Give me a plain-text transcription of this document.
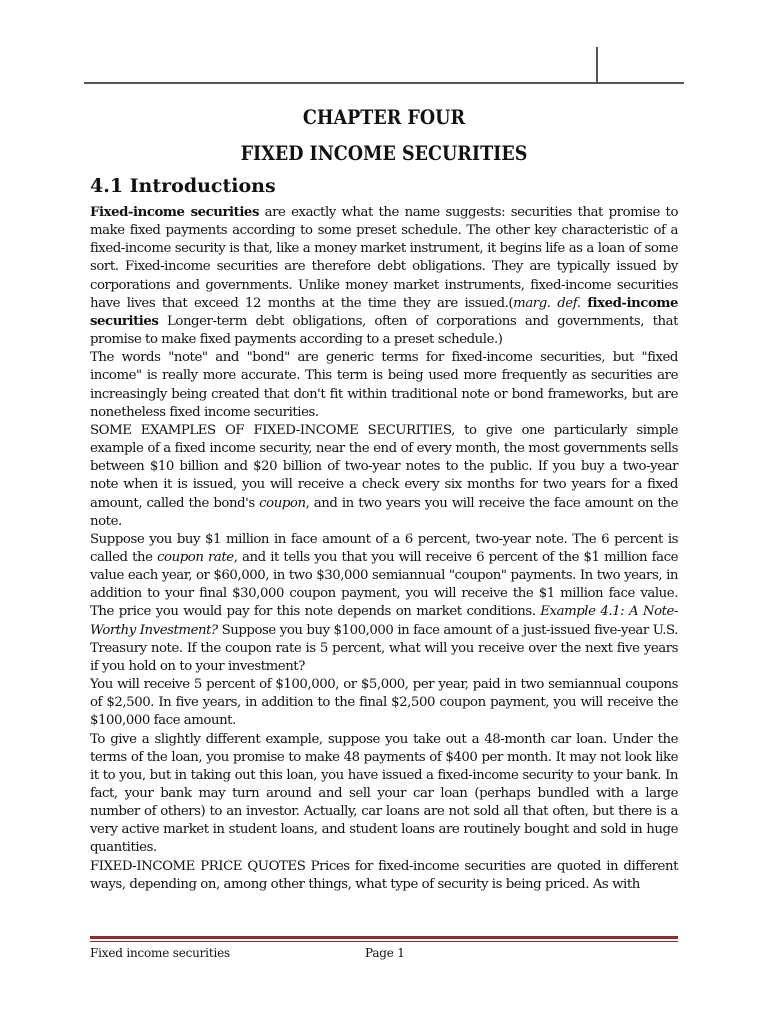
CHAPTER FOUR
FIXED INCOME SECURITIES
4.1 Introductions

Fixed-income securities are exactly what the name suggests: securities that promise to make fixed payments according to some preset schedule. The other key characteristic of a fixed-income security is that, like a money market instrument, it begins life as a loan of some sort. Fixed-income securities are therefore debt obligations. They are typically issued by corporations and governments. Unlike money market instruments, fixed-income securities have lives that exceed 12 months at the time they are issued.(marg. def. fixed-income securities Longer-term debt obligations, often of corporations and governments, that promise to make fixed payments according to a preset schedule.)

The words "note" and "bond" are generic terms for fixed-income securities, but "fixed income" is really more accurate. This term is being used more frequently as securities are increasingly being created that don't fit within traditional note or bond frameworks, but are nonetheless fixed income securities.

SOME EXAMPLES OF FIXED-INCOME SECURITIES, to give one particularly simple example of a fixed income security, near the end of every month, the most governments sells between $10 billion and $20 billion of two-year notes to the public. If you buy a two-year note when it is issued, you will receive a check every six months for two years for a fixed amount, called the bond's coupon, and in two years you will receive the face amount on the note.

Suppose you buy $1 million in face amount of a 6 percent, two-year note. The 6 percent is called the coupon rate, and it tells you that you will receive 6 percent of the $1 million face value each year, or $60,000, in two $30,000 semiannual "coupon" payments. In two years, in addition to your final $30,000 coupon payment, you will receive the $1 million face value. The price you would pay for this note depends on market conditions. Example 4.1: A Note-Worthy Investment? Suppose you buy $100,000 in face amount of a just-issued five-year U.S. Treasury note. If the coupon rate is 5 percent, what will you receive over the next five years if you hold on to your investment?

You will receive 5 percent of $100,000, or $5,000, per year, paid in two semiannual coupons of $2,500. In five years, in addition to the final $2,500 coupon payment, you will receive the $100,000 face amount.

To give a slightly different example, suppose you take out a 48-month car loan. Under the terms of the loan, you promise to make 48 payments of $400 per month. It may not look like it to you, but in taking out this loan, you have issued a fixed-income security to your bank. In fact, your bank may turn around and sell your car loan (perhaps bundled with a large number of others) to an investor. Actually, car loans are not sold all that often, but there is a very active market in student loans, and student loans are routinely bought and sold in huge quantities.

FIXED-INCOME PRICE QUOTES Prices for fixed-income securities are quoted in different ways, depending on, among other things, what type of security is being priced. As with

Fixed income securities	Page 1
